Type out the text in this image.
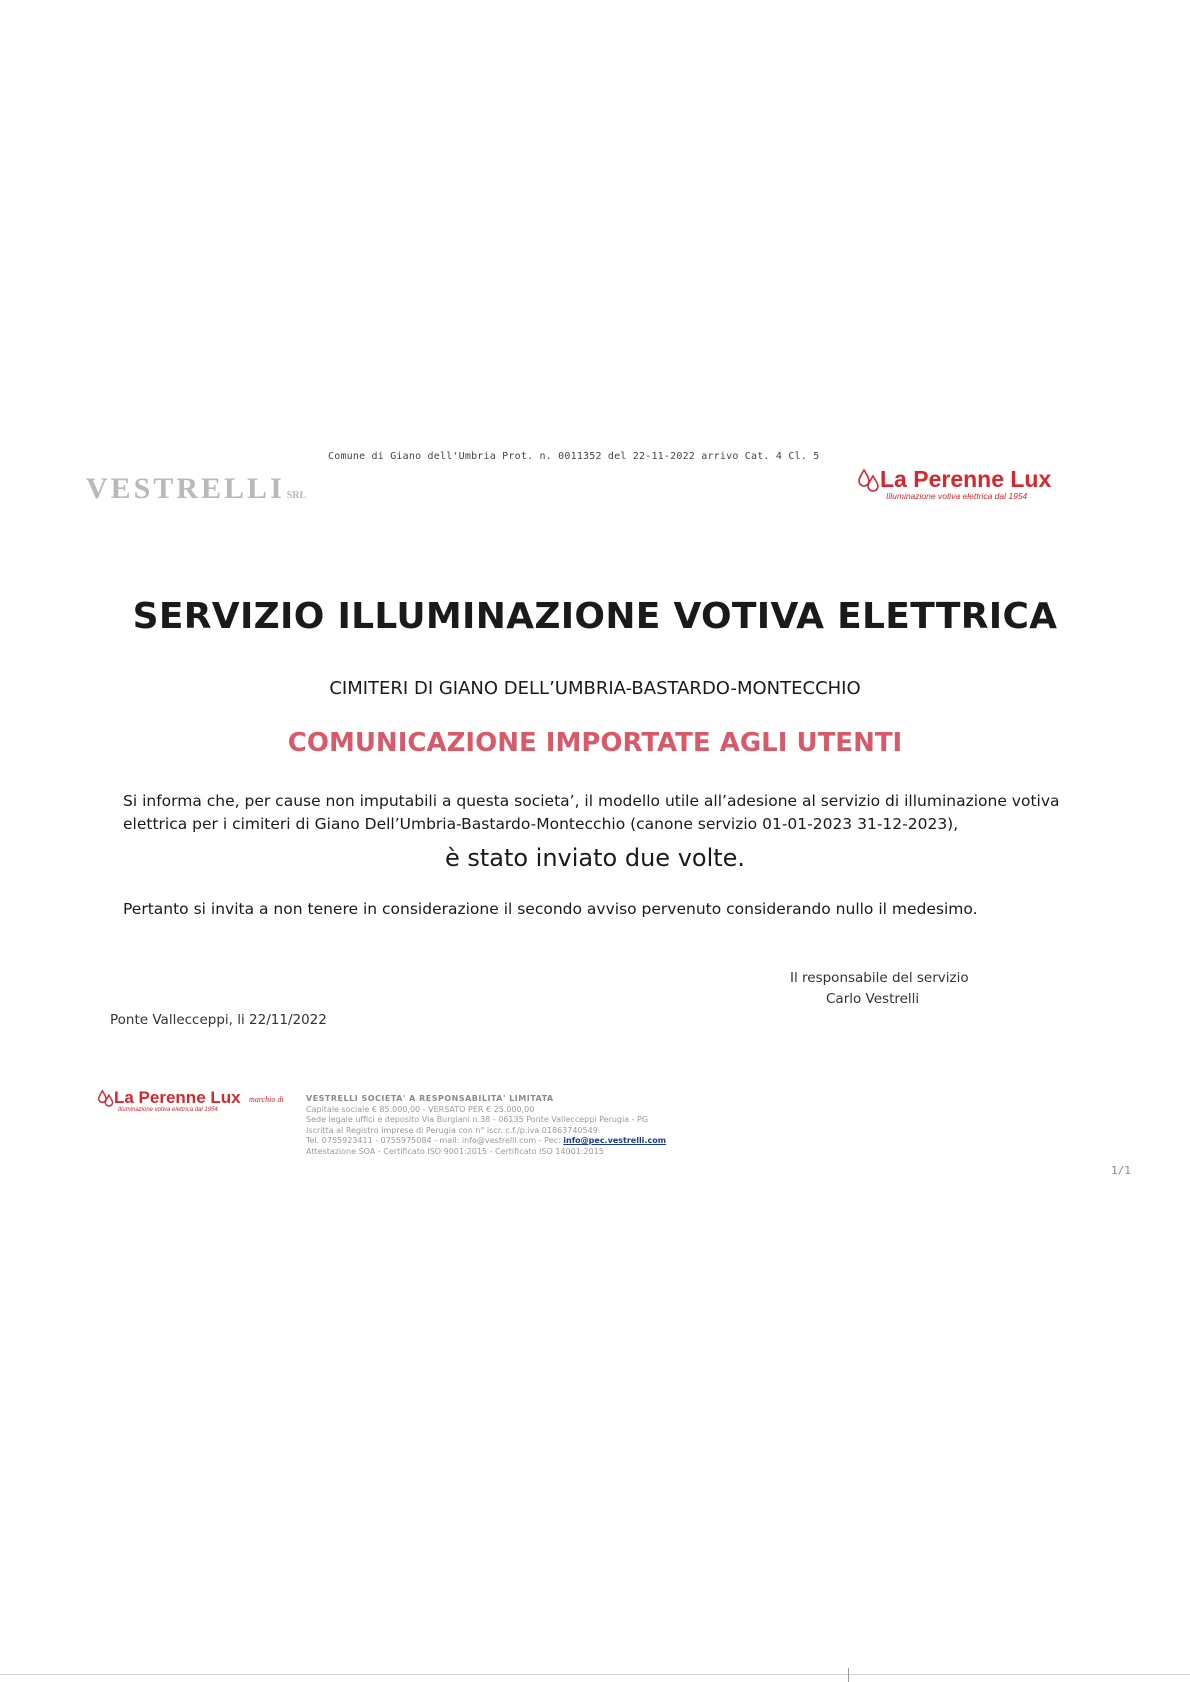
Comune di Giano dell'Umbria Prot. n. 0011352 del 22-11-2022 arrivo Cat. 4 Cl. 5
VESTRELLI SRL
La Perenne Lux
Illuminazione votiva elettrica dal 1954
SERVIZIO ILLUMINAZIONE VOTIVA ELETTRICA
CIMITERI DI GIANO DELL’UMBRIA-BASTARDO-MONTECCHIO
COMUNICAZIONE IMPORTATE AGLI UTENTI
Si informa che, per cause non imputabili a questa societa’, il modello utile all’adesione al servizio di illuminazione votiva elettrica per i cimiteri di Giano Dell’Umbria-Bastardo-Montecchio (canone servizio 01-01-2023 31-12-2023),
è stato inviato due volte.
Pertanto si invita a non tenere in considerazione il secondo avviso pervenuto considerando nullo il medesimo.
Il responsabile del servizio
Carlo Vestrelli
Ponte Vallecceppi, li 22/11/2022
La Perenne Lux
Illuminazione votiva elettrica dal 1954
marchio di	VESTRELLI SOCIETA' A RESPONSABILITA' LIMITATA
Capitale sociale € 85.000,00 - VERSATO PER € 25.000,00
Sede legale uffici e deposito Via Burgiani n.38 - 06135 Ponte Vallecceppi Perugia - PG
Iscritta al Registro Imprese di Perugia con n° iscr. c.f./p.iva 01863740549
Tel. 0755923411 - 0755975084 - mail: info@vestrelli.com - Pec: info@pec.vestrelli.com
Attestazione SOA - Certificato ISO 9001:2015 - Certificato ISO 14001:2015
1/1
